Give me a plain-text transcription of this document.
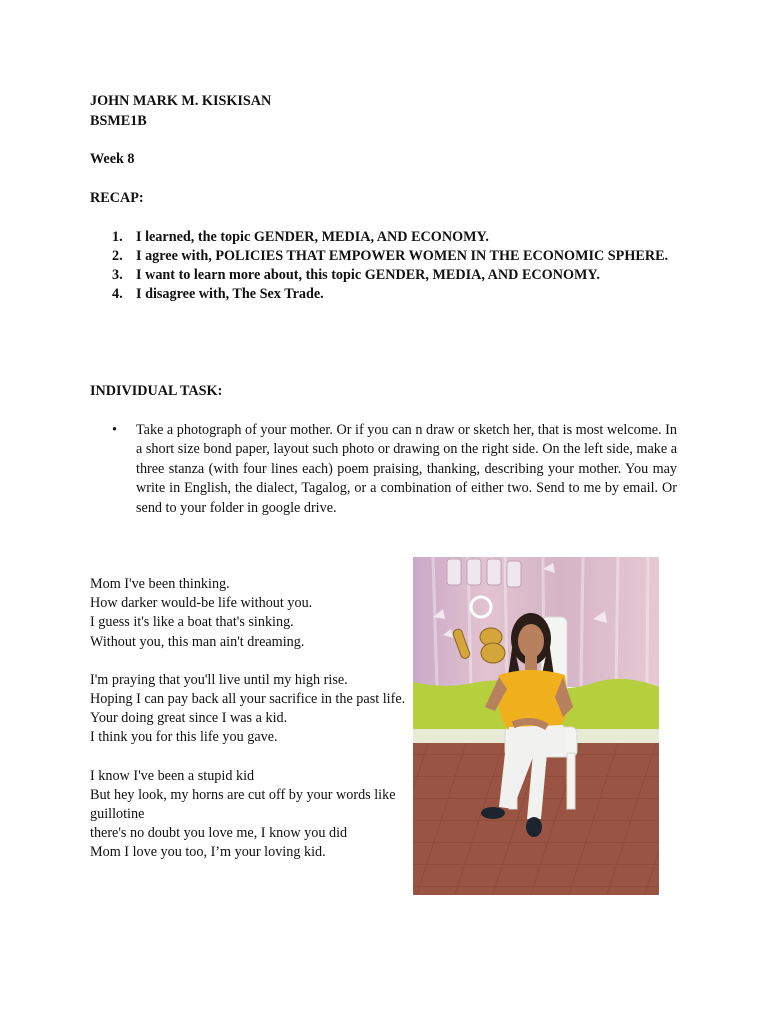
JOHN MARK M. KISKISAN
BSME1B
Week 8
RECAP:
1. I learned, the topic GENDER, MEDIA, AND ECONOMY.
2. I agree with, POLICIES THAT EMPOWER WOMEN IN THE ECONOMIC SPHERE.
3. I want to learn more about, this topic GENDER, MEDIA, AND ECONOMY.
4. I disagree with, The Sex Trade.
INDIVIDUAL TASK:
• Take a photograph of your mother. Or if you can n draw or sketch her, that is most welcome. In a short size bond paper, layout such photo or drawing on the right side. On the left side, make a three stanza (with four lines each) poem praising, thanking, describing your mother. You may write in English, the dialect, Tagalog, or a combination of either two. Send to me by email. Or send to your folder in google drive.

Mom I've been thinking.

How darker would-be life without you.

I guess it's like a boat that's sinking.

Without you, this man ain't dreaming.

I'm praying that you'll live until my high rise.

Hoping I can pay back all your sacrifice in the past life.

Your doing great since I was a kid.

I think you for this life you gave.

I know I've been a stupid kid

But hey look, my horns are cut off by your words like guillotine

there's no doubt you love me, I know you did

Mom I love you too, I’m your loving kid.
